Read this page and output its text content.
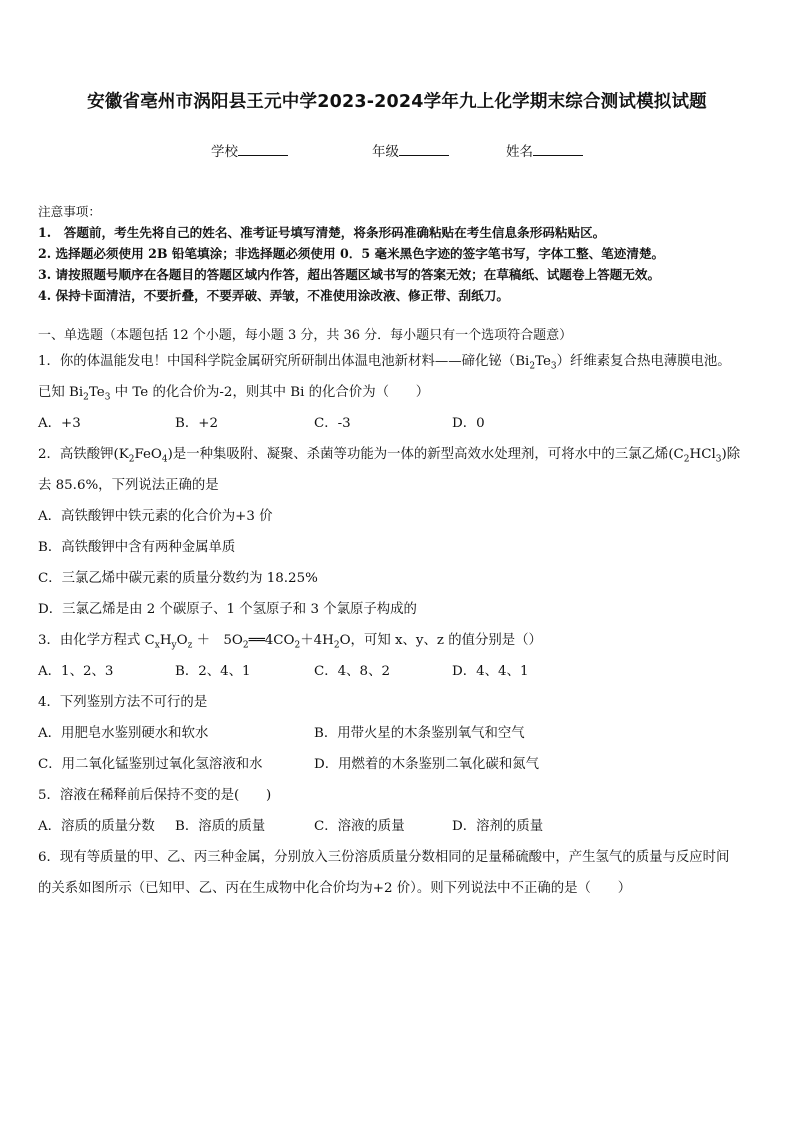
安徽省亳州市涡阳县王元中学2023-2024学年九上化学期末综合测试模拟试题
学校	年级	姓名
注意事项：
1.　答题前，考生先将自己的姓名、准考证号填写清楚，将条形码准确粘贴在考生信息条形码粘贴区。
2. 选择题必须使用 2B 铅笔填涂；非选择题必须使用 0．5 毫米黑色字迹的签字笔书写，字体工整、笔迹清楚。
3. 请按照题号顺序在各题目的答题区域内作答，超出答题区域书写的答案无效；在草稿纸、试题卷上答题无效。
4. 保持卡面清洁，不要折叠，不要弄破、弄皱，不准使用涂改液、修正带、刮纸刀。
一、单选题（本题包括 12 个小题，每小题 3 分，共 36 分．每小题只有一个选项符合题意）
1．你的体温能发电！中国科学院金属研究所研制出体温电池新材料——碲化铋$(Bi_2Te_3)$纤维素复合热电薄膜电池。
已知 $Bi_2Te_3$ 中 Te 的化合价为-2，则其中 Bi 的化合价为（　　）
A．+3	B．+2	C．-3	D．0
2．高铁酸钾$(K_2FeO_4)$是一种集吸附、凝聚、杀菌等功能为一体的新型高效水处理剂，可将水中的三氯乙烯$(C_2HCl_3)$除
去 85.6%，下列说法正确的是
A．高铁酸钾中铁元素的化合价为+3 价
B．高铁酸钾中含有两种金属单质
C．三氯乙烯中碳元素的质量分数约为 18.25%
D．三氯乙烯是由 2 个碳原子、1 个氢原子和 3 个氯原子构成的
3．由化学方程式 $C_xH_yO_z$ ＋　$5O_2══4CO_2+4H_2O$，可知 x、y、z 的值分别是（）
A．1、2、3	B．2、4、1	C．4、8、2	D．4、4、1
4．下列鉴别方法不可行的是
A．用肥皂水鉴别硬水和软水	B．用带火星的木条鉴别氧气和空气
C．用二氧化锰鉴别过氧化氢溶液和水	D．用燃着的木条鉴别二氧化碳和氮气
5．溶液在稀释前后保持不变的是(　　)
A．溶质的质量分数 B．溶质的质量	C．溶液的质量	D．溶剂的质量
6．现有等质量的甲、乙、丙三种金属，分别放入三份溶质质量分数相同的足量稀硫酸中，产生氢气的质量与反应时间
的关系如图所示（已知甲、乙、丙在生成物中化合价均为+2 价）。则下列说法中不正确的是（　　）
